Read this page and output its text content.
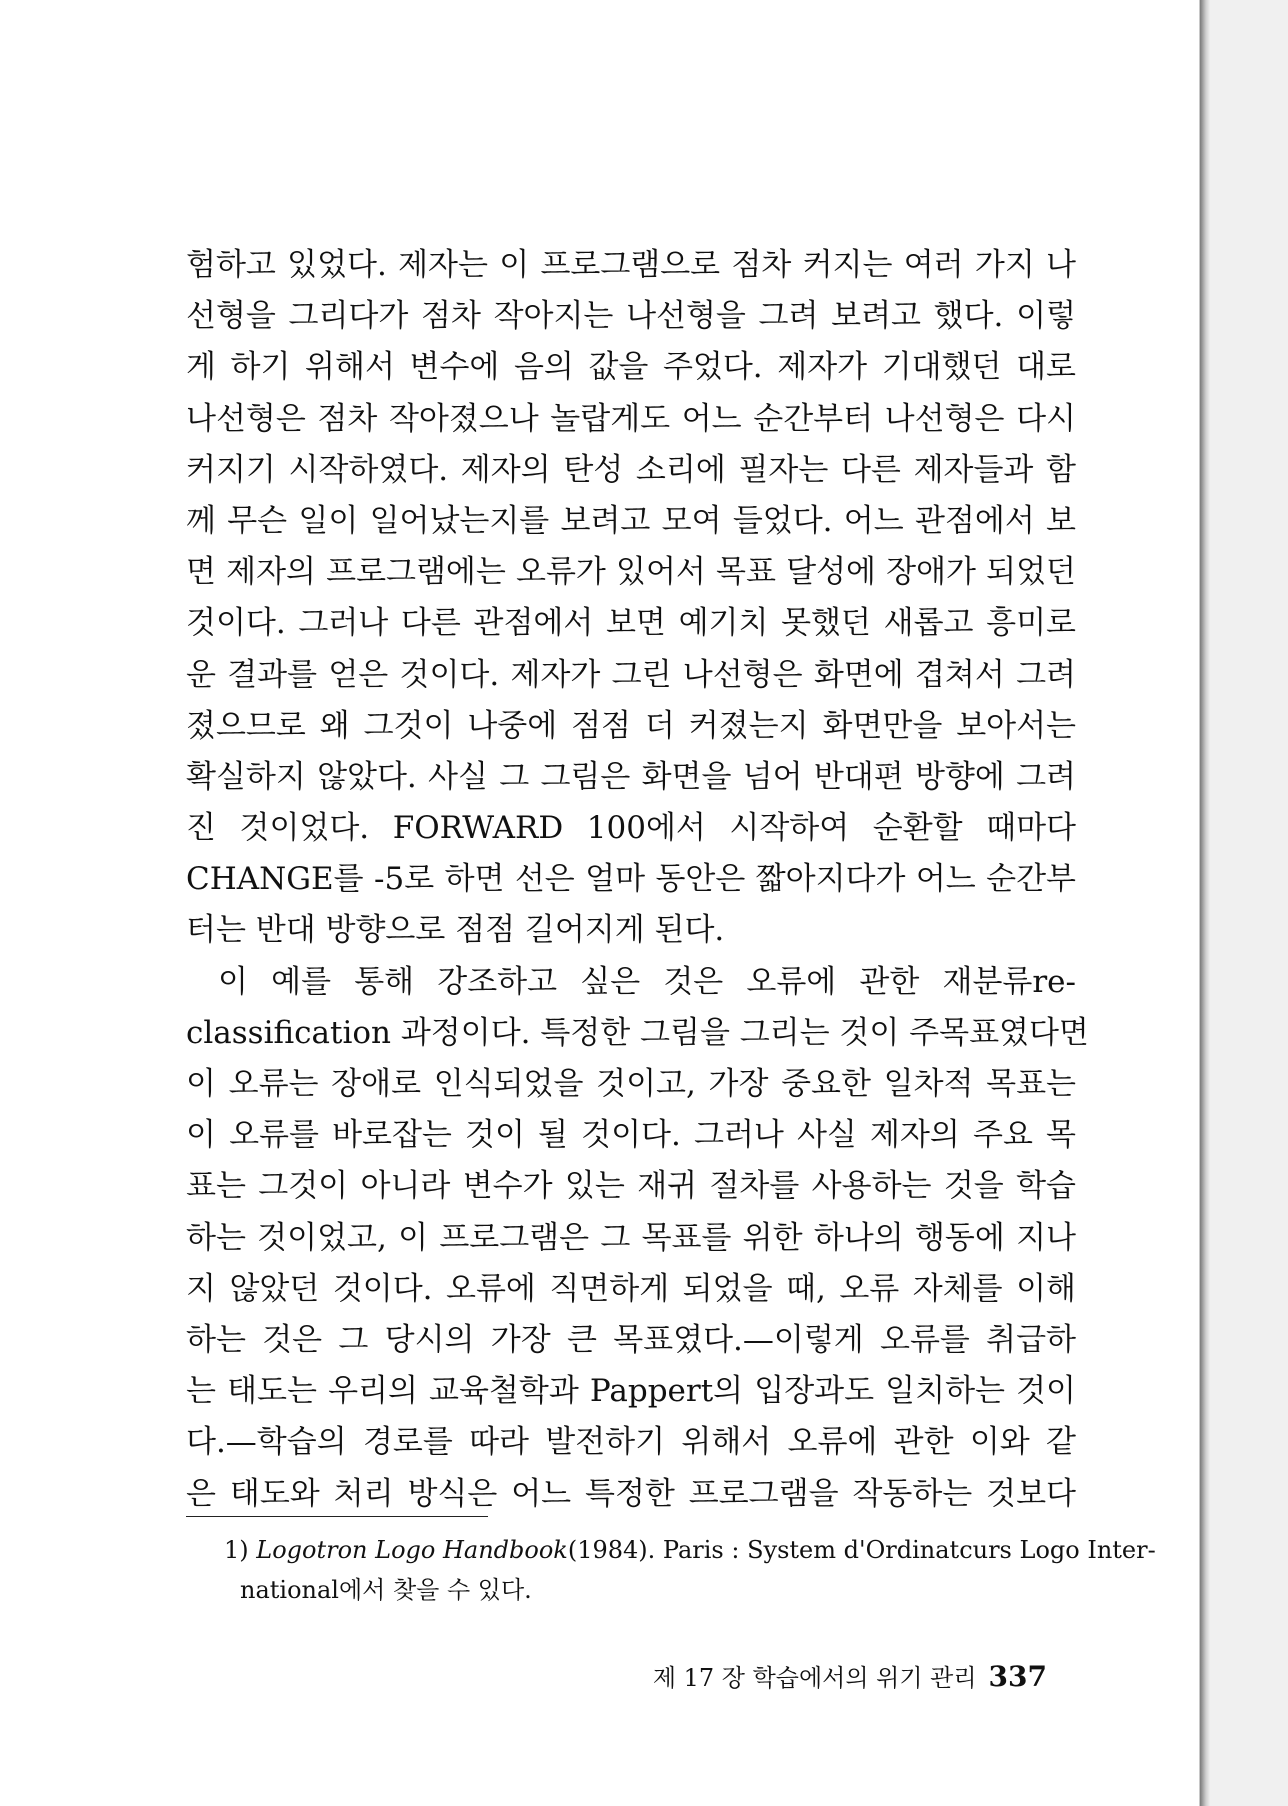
험하고 있었다. 제자는 이 프로그램으로 점차 커지는 여러 가지 나
선형을 그리다가 점차 작아지는 나선형을 그려 보려고 했다. 이렇
게 하기 위해서 변수에 음의 값을 주었다. 제자가 기대했던 대로
나선형은 점차 작아졌으나 놀랍게도 어느 순간부터 나선형은 다시
커지기 시작하였다. 제자의 탄성 소리에 필자는 다른 제자들과 함
께 무슨 일이 일어났는지를 보려고 모여 들었다. 어느 관점에서 보
면 제자의 프로그램에는 오류가 있어서 목표 달성에 장애가 되었던
것이다. 그러나 다른 관점에서 보면 예기치 못했던 새롭고 흥미로
운 결과를 얻은 것이다. 제자가 그린 나선형은 화면에 겹쳐서 그려
졌으므로 왜 그것이 나중에 점점 더 커졌는지 화면만을 보아서는
확실하지 않았다. 사실 그 그림은 화면을 넘어 반대편 방향에 그려
진 것이었다. FORWARD 100에서 시작하여 순환할 때마다
CHANGE를 -5로 하면 선은 얼마 동안은 짧아지다가 어느 순간부
터는 반대 방향으로 점점 길어지게 된다.
이 예를 통해 강조하고 싶은 것은 오류에 관한 재분류re-
classification 과정이다. 특정한 그림을 그리는 것이 주목표였다면
이 오류는 장애로 인식되었을 것이고, 가장 중요한 일차적 목표는
이 오류를 바로잡는 것이 될 것이다. 그러나 사실 제자의 주요 목
표는 그것이 아니라 변수가 있는 재귀 절차를 사용하는 것을 학습
하는 것이었고, 이 프로그램은 그 목표를 위한 하나의 행동에 지나
지 않았던 것이다. 오류에 직면하게 되었을 때, 오류 자체를 이해
하는 것은 그 당시의 가장 큰 목표였다.—이렇게 오류를 취급하
는 태도는 우리의 교육철학과 Pappert의 입장과도 일치하는 것이
다.—학습의 경로를 따라 발전하기 위해서 오류에 관한 이와 같
은 태도와 처리 방식은 어느 특정한 프로그램을 작동하는 것보다
1) Logotron Logo Handbook(1984). Paris : System d'Ordinatcurs Logo Inter-
national에서 찾을 수 있다.
제 17 장 학습에서의 위기 관리 337
